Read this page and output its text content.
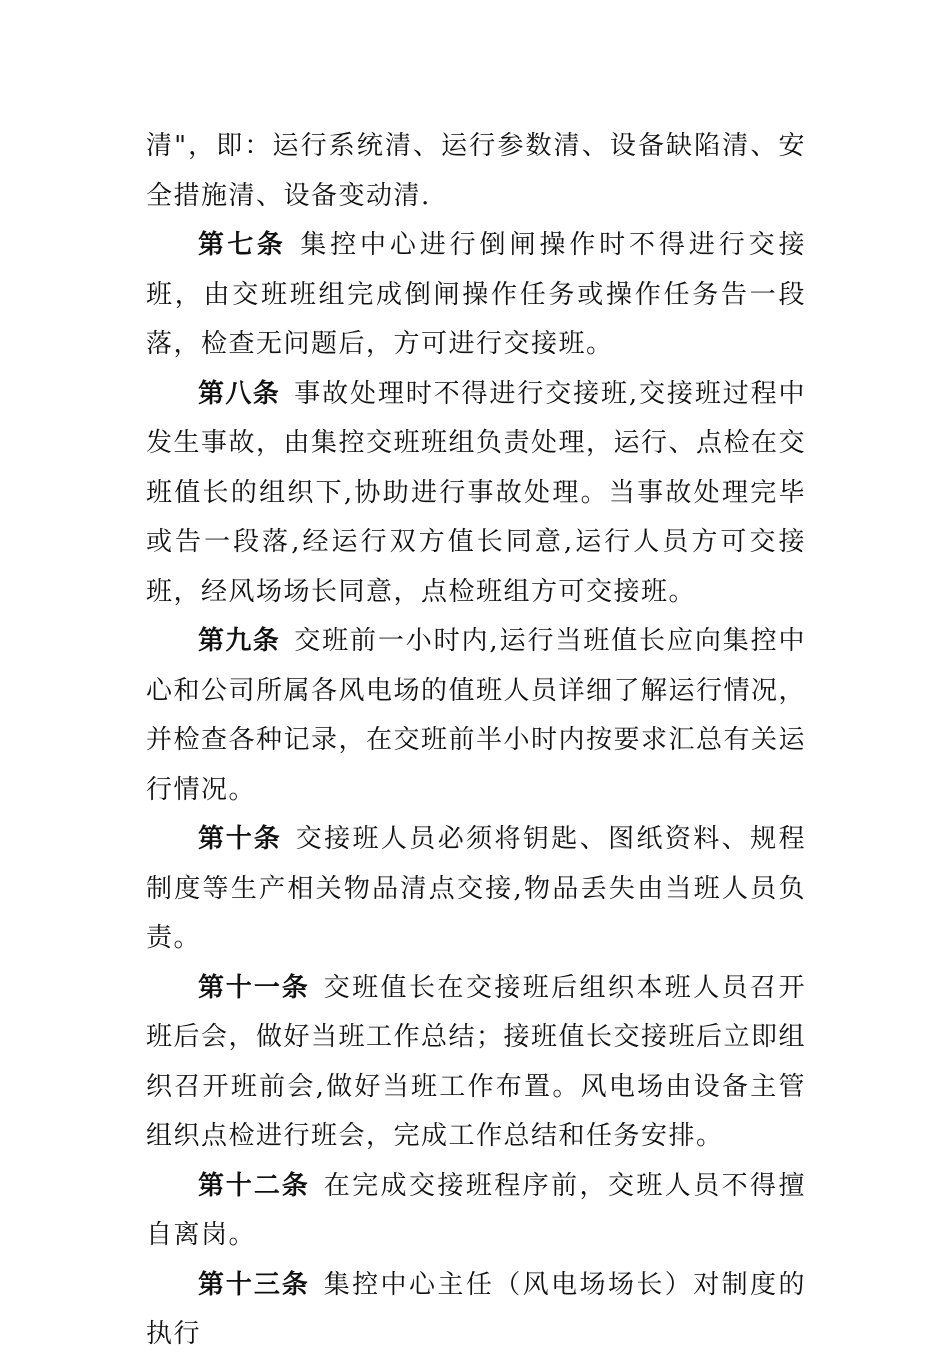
清"，即：运行系统清、运行参数清、设备缺陷清、安全措施清、设备变动清.

第七条 集控中心进行倒闸操作时不得进行交接班，由交班班组完成倒闸操作任务或操作任务告一段落，检查无问题后，方可进行交接班。

第八条 事故处理时不得进行交接班,交接班过程中发生事故，由集控交班班组负责处理，运行、点检在交班值长的组织下,协助进行事故处理。当事故处理完毕或告一段落,经运行双方值长同意,运行人员方可交接班，经风场场长同意，点检班组方可交接班。

第九条 交班前一小时内,运行当班值长应向集控中心和公司所属各风电场的值班人员详细了解运行情况，并检查各种记录，在交班前半小时内按要求汇总有关运行情况。

第十条 交接班人员必须将钥匙、图纸资料、规程制度等生产相关物品清点交接,物品丢失由当班人员负责。

第十一条 交班值长在交接班后组织本班人员召开班后会，做好当班工作总结；接班值长交接班后立即组织召开班前会,做好当班工作布置。风电场由设备主管组织点检进行班会，完成工作总结和任务安排。

第十二条 在完成交接班程序前，交班人员不得擅自离岗。

第十三条 集控中心主任（风电场场长）对制度的执行
